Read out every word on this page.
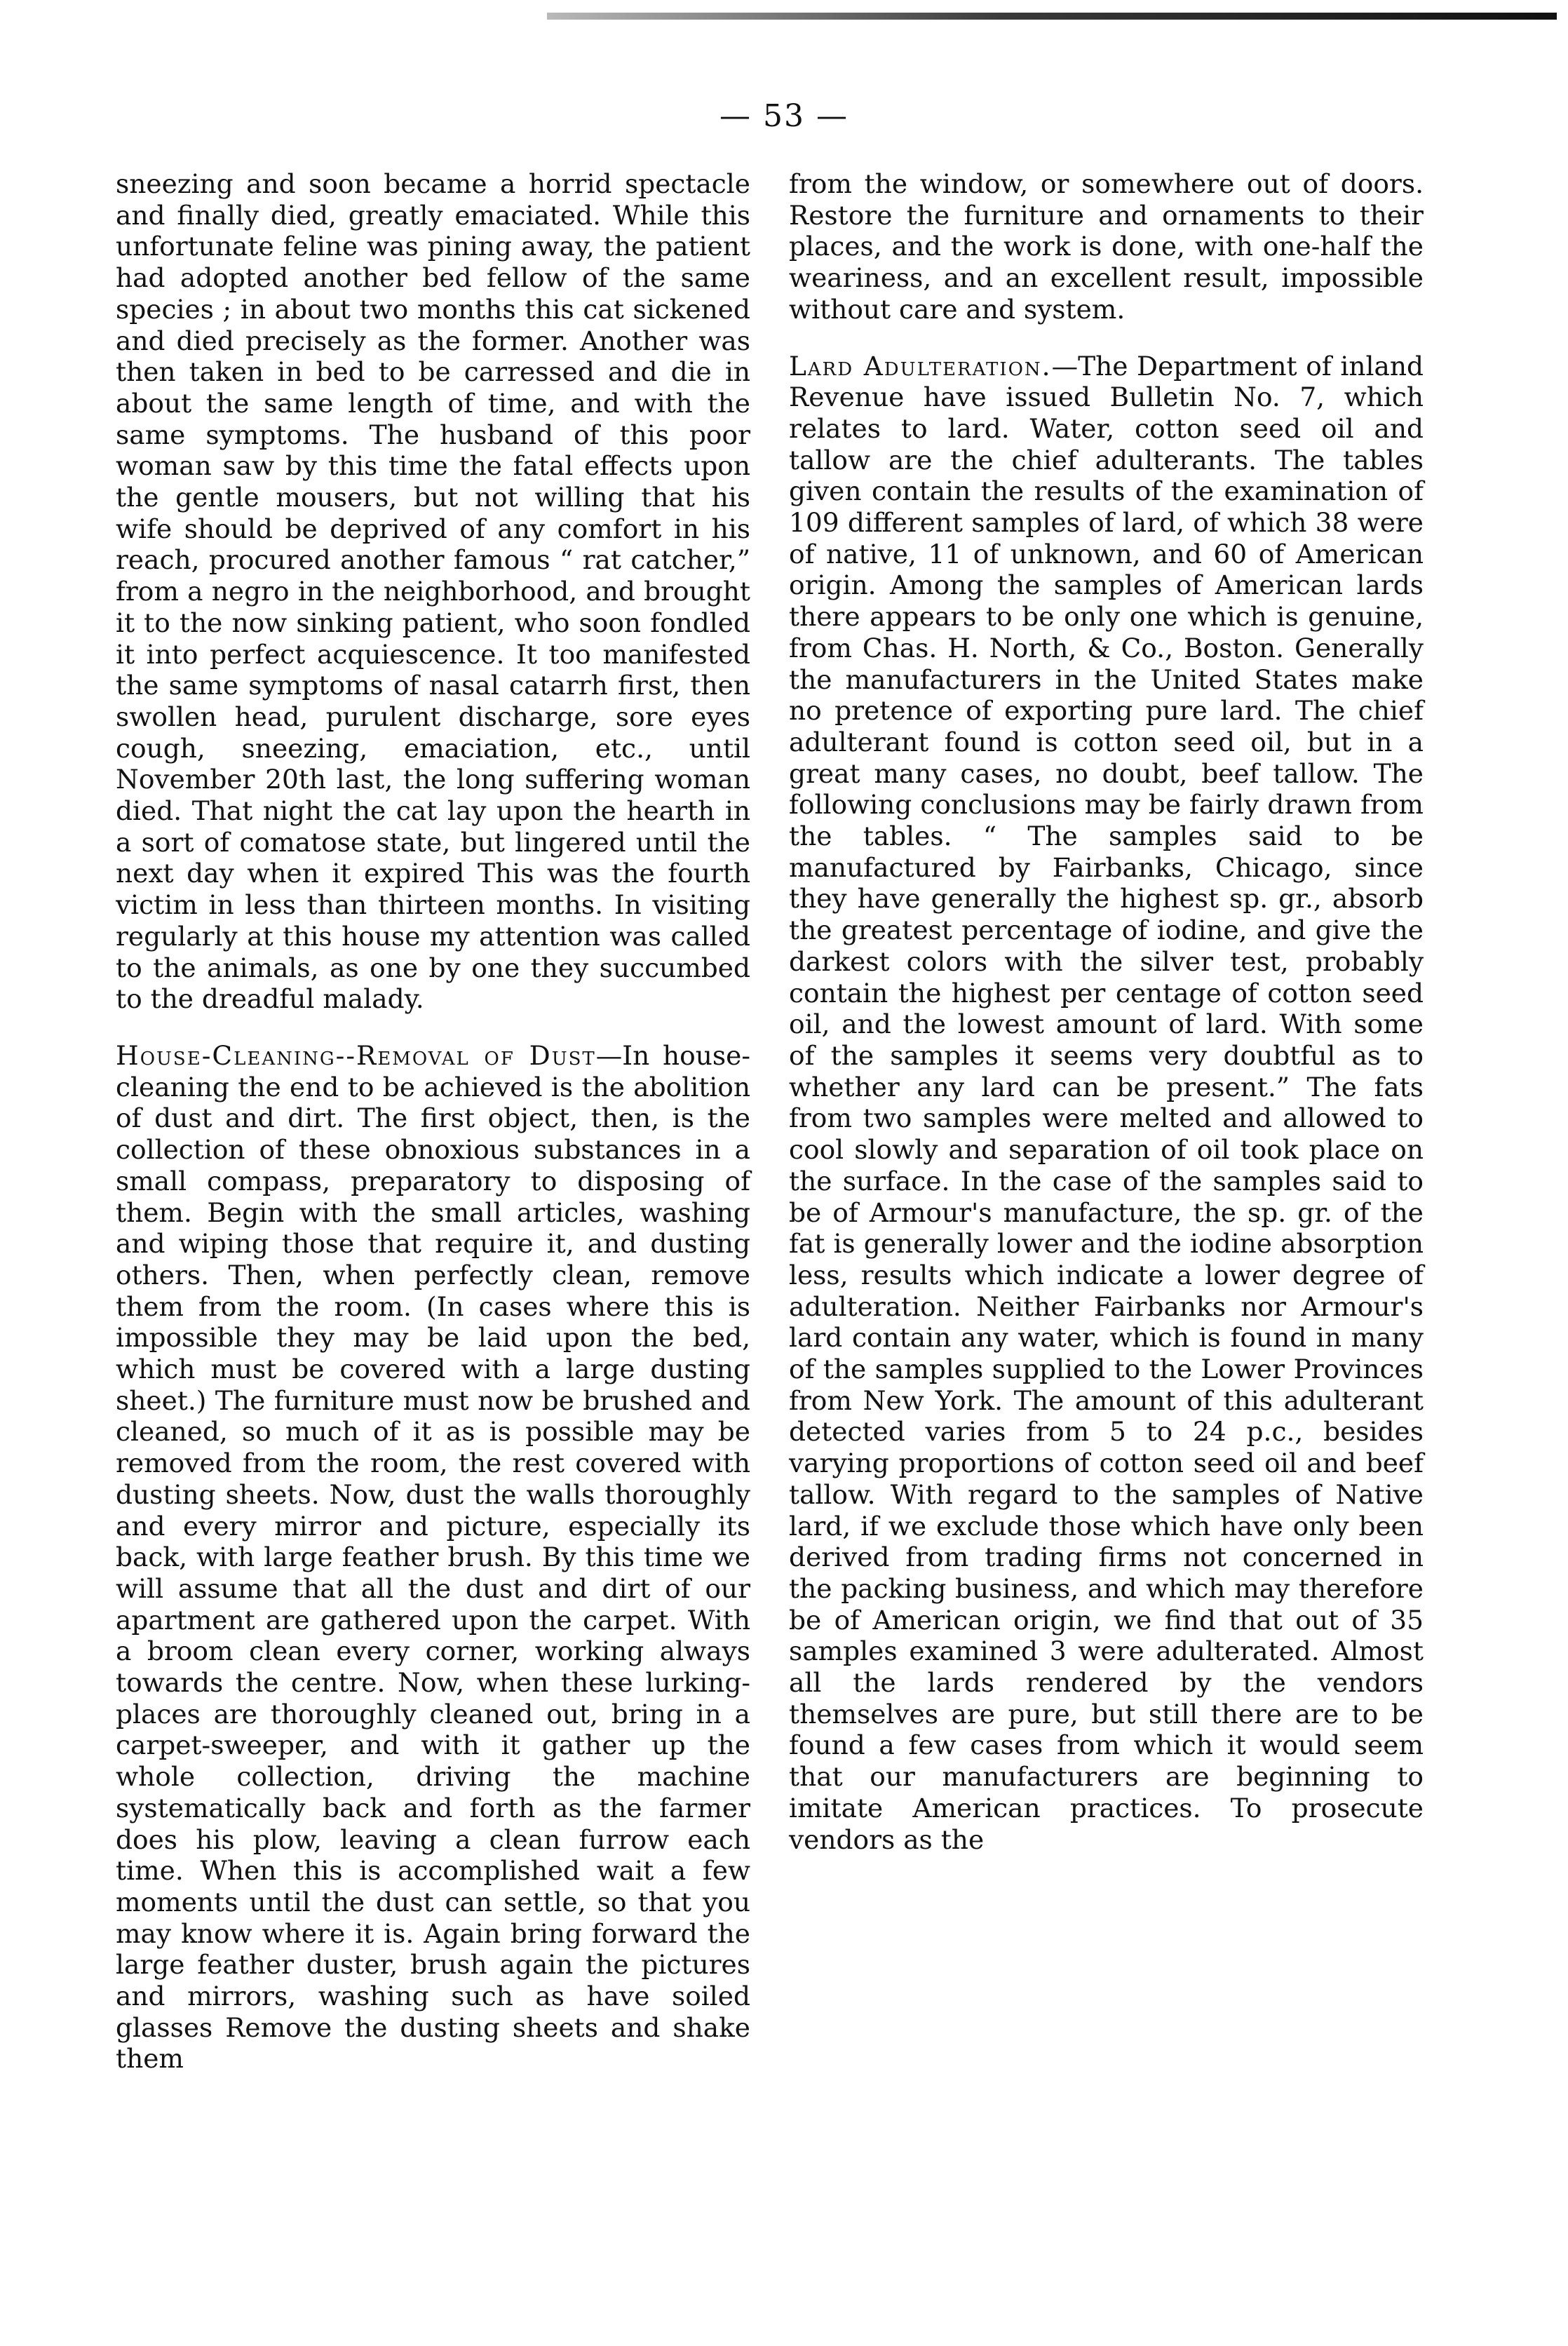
— 53 —

sneezing and soon became a horrid spectacle and finally died, greatly emaciated. While this unfortunate feline was pining away, the patient had adopted another bed fellow of the same species ; in about two months this cat sickened and died precisely as the former. Another was then taken in bed to be carressed and die in about the same length of time, and with the same symptoms. The husband of this poor woman saw by this time the fatal effects upon the gentle mousers, but not willing that his wife should be deprived of any comfort in his reach, procured another famous “ rat catcher,” from a negro in the neighborhood, and brought it to the now sinking patient, who soon fondled it into perfect acquiescence. It too manifested the same symptoms of nasal catarrh first, then swollen head, purulent discharge, sore eyes cough, sneezing, emaciation, etc., until November 20th last, the long suffering woman died. That night the cat lay upon the hearth in a sort of comatose state, but lingered until the next day when it expired This was the fourth victim in less than thirteen months. In visiting regularly at this house my attention was called to the animals, as one by one they succumbed to the dreadful malady.

House-Cleaning--Removal of Dust—In house-cleaning the end to be achieved is the abolition of dust and dirt. The first object, then, is the collection of these obnoxious substances in a small compass, preparatory to disposing of them. Begin with the small articles, washing and wiping those that require it, and dusting others. Then, when perfectly clean, remove them from the room. (In cases where this is impossible they may be laid upon the bed, which must be covered with a large dusting sheet.) The furniture must now be brushed and cleaned, so much of it as is possible may be removed from the room, the rest covered with dusting sheets. Now, dust the walls thoroughly and every mirror and picture, especially its back, with large feather brush. By this time we will assume that all the dust and dirt of our apartment are gathered upon the carpet. With a broom clean every corner, working always towards the centre. Now, when these lurking-places are thoroughly cleaned out, bring in a carpet-sweeper, and with it gather up the whole collection, driving the machine systematically back and forth as the farmer does his plow, leaving a clean furrow each time. When this is accomplished wait a few moments until the dust can settle, so that you may know where it is. Again bring forward the large feather duster, brush again the pictures and mirrors, washing such as have soiled glasses Remove the dusting sheets and shake them

from the window, or somewhere out of doors. Restore the furniture and ornaments to their places, and the work is done, with one-half the weariness, and an excellent result, impossible without care and system.

Lard Adulteration.—The Department of inland Revenue have issued Bulletin No. 7, which relates to lard. Water, cotton seed oil and tallow are the chief adulterants. The tables given contain the results of the examination of 109 different samples of lard, of which 38 were of native, 11 of unknown, and 60 of American origin. Among the samples of American lards there appears to be only one which is genuine, from Chas. H. North, & Co., Boston. Generally the manufacturers in the United States make no pretence of exporting pure lard. The chief adulterant found is cotton seed oil, but in a great many cases, no doubt, beef tallow. The following conclusions may be fairly drawn from the tables. “ The samples said to be manufactured by Fairbanks, Chicago, since they have generally the highest sp. gr., absorb the greatest percentage of iodine, and give the darkest colors with the silver test, probably contain the highest per centage of cotton seed oil, and the lowest amount of lard. With some of the samples it seems very doubtful as to whether any lard can be present.” The fats from two samples were melted and allowed to cool slowly and separation of oil took place on the surface. In the case of the samples said to be of Armour's manufacture, the sp. gr. of the fat is generally lower and the iodine absorption less, results which indicate a lower degree of adulteration. Neither Fairbanks nor Armour's lard contain any water, which is found in many of the samples supplied to the Lower Provinces from New York. The amount of this adulterant detected varies from 5 to 24 p.c., besides varying proportions of cotton seed oil and beef tallow. With regard to the samples of Native lard, if we exclude those which have only been derived from trading firms not concerned in the packing business, and which may therefore be of American origin, we find that out of 35 samples examined 3 were adulterated. Almost all the lards rendered by the vendors themselves are pure, but still there are to be found a few cases from which it would seem that our manufacturers are beginning to imitate American practices. To prosecute vendors as the
